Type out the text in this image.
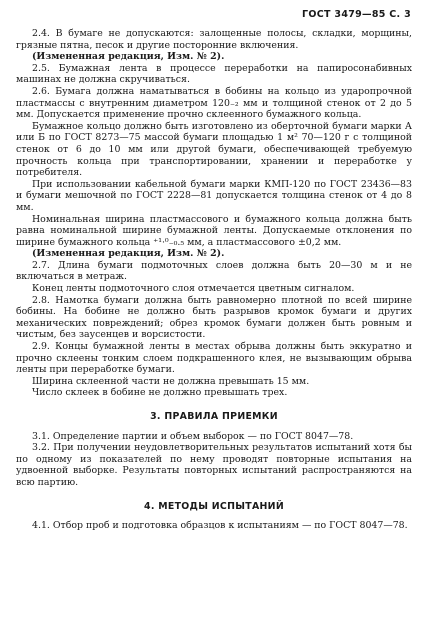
ГОСТ 3479—85 С. 3

2.4. В бумаге не допускаются: залощенные полосы, складки, морщины, грязные пятна, песок и другие посторонние включения.

(Измененная редакция, Изм. № 2).

2.5. Бумажная лента в процессе переработки на папиросонабивных машинах не должна скручиваться.

2.6. Бумага должна наматываться в бобины на кольцо из ударопрочной пластмассы с внутренним диаметром 120₋₂ мм и толщиной стенок от 2 до 5 мм. Допускается применение прочно склеенного бумажного кольца.

Бумажное кольцо должно быть изготовлено из оберточной бумаги марки А или Б по ГОСТ 8273—75 массой бумаги площадью 1 м² 70—120 г с толщиной стенок от 6 до 10 мм или другой бумаги, обеспечивающей требуемую прочность кольца при транспортировании, хранении и переработке у потребителя.

При использовании кабельной бумаги марки КМП-120 по ГОСТ 23436—83 и бумаги мешочной по ГОСТ 2228—81 допускается толщина стенок от 4 до 8 мм.

Номинальная ширина пластмассового и бумажного кольца должна быть равна номинальной ширине бумажной ленты. Допускаемые отклонения по ширине бумажного кольца ⁺¹·⁰₋₀.₅ мм, а пластмассового ±0,2 мм.

(Измененная редакция, Изм. № 2).

2.7. Длина бумаги подмоточных слоев должна быть 20—30 м и не включаться в метраж.

Конец ленты подмоточного слоя отмечается цветным сигналом.

2.8. Намотка бумаги должна быть равномерно плотной по всей ширине бобины. На бобине не должно быть разрывов кромок бумаги и других механических повреждений; обрез кромок бумаги должен быть ровным и чистым, без заусенцев и ворсистости.

2.9. Концы бумажной ленты в местах обрыва должны быть эккуратно и прочно склеены тонким слоем подкрашенного клея, не вызывающим обрыва ленты при переработке бумаги.

Ширина склеенной части не должна превышать 15 мм.

Число склеек в бобине не должно превышать трех.

3. ПРАВИЛА ПРИЕМКИ

3.1. Определение партии и объем выборок — по ГОСТ 8047—78.

3.2. При получении неудовлетворительных результатов испытаний хотя бы по одному из показателей по нему проводят повторные испытания на удвоенной выборке. Результаты повторных испытаний распространяются на всю партию.

4. МЕТОДЫ ИСПЫТАНИЙ

4.1. Отбор проб и подготовка образцов к испытаниям — по ГОСТ 8047—78.
